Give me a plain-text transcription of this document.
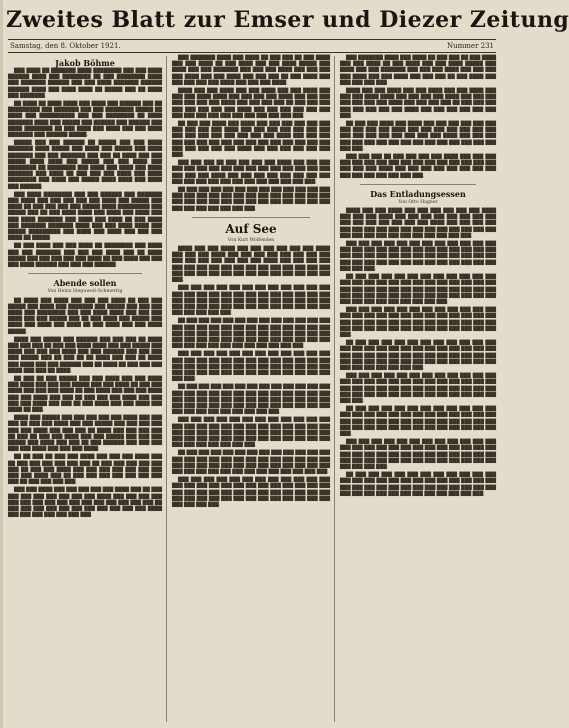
Zweites Blatt zur Emser und Diezer Zeitung
Samstag, den 8. Oktober 1921.	Nummer 231
Jakob Böhme

███ ████ ██ ███████ ████ ████████ ███ ███ ████ ██████ ████ ███ ████████ ██ ███ ████████ ████ ███ ███████ ██████ ███ ███ ████ ███████ ██████ ██████ ████ ███ ████ ████ ██ █████ ███ ██ ████ ███ ███████.

██ ████ ██ ████ ████ ███ ████ ███ ██████ ███ ██ █████████ ███ ███████ ███ ███ ████████ █████ ██ ████ ███ ██████████ ███ ███ ████████ ██ ████ ███████ ████ ███ █████ ███ ██████ ███ ██████ ███ ████ ████████ ██ ███ ████ ███ ████ ███ ███ ████ ███████ ███ ██████ █████.

█████ ███ ███ ██████ ██ █████ ███ ███ ████ ███████ ████ █████ ███ ████ ███ █████ ███ ████ ███████ ███ ███ ███████ ███ ███ ██ ████ ███ ███ █████ ████ ████ ███ █████ ███ ███ ████ ███ ████████ ██ ████████ ███ ████ ███ ████ ███ ████ ███████ ███ ████ ██ ███ ███ ███ ████ ███ ████ ████████ ███ ████ ███ █████ ████ ████ ███ ████ ███ ██████.

███ ████ ████████ ███ ███ ██████ ███ ███████ ███ ████ ███ ███ ███ ███ ███ ████ ███ █████ ███ ████ ██ ███ ███ ███ ███ █████ ████ █████████ ███ █████ ███ ██ ███ ████ ████ ███ ████ ███ ████ ███ ███ ████ ███████ ███ ████ ███ ████ ██ ███ ████ ███ ███████ ███████ ████ ███ ███ ████ ████ ███ █████ █████████ ███ ████ ███ ████ ███ ███ ███ ████ ██ █████.

██ ███ ████ ███ ███ ████ ██ ████████ ███ ████ ███ ███ ███████ ███ ███ ███ ████ ███ ██ ████ █████ ███ ███ ███ ███ ███ ████ ██ ███ ████ ███ ███ ███ ████ ██████ ███ ███ ███ ██████.

Abende sollen
Von Heinz Steguweit-Schmerrig

██ ████ ███ ████ ███ ███ ███ ████ ██ ███ ███ █████ ███ ████ ███ ███████ ███ █████ ███ ███ ███ ████ ███ ████████ ███ ███ ████ ████ ███ ███ ███ ████ ███ ███ █████ ███ ██ ███ ████ ███ █████ ███ ████ ███ ████ ███ ████ ██ ███ ████ ███ ███ ████ █████.

████ ███ █████ ███ ██████ ███ ███ ███ ██ ████ ███ ███ ███ ██ ███ ███ ████ ████ ███ ███ █████ ███ ████ ███ ███ ███ ████ ███ ███ ██████ ███ ███ ███ ███ █████ ███ ██ ███ ██ ██ ████ ███ ███ ██ ████ ███ ████ ███ ███ ██████ ███ ██ ████ ██ ███ ███ ███ ████ ███ ███ ██ ████.

██ ███ ██ ███ █████ ███ ███ ████ ███ ███ ████ ███ ████ ███ ███ ███ █████ ███ ███ ████ ██ ███ ███ ████ ███ ███ ███ ████ ██ ███ ████ ███ ███ ███ ████ ███ ███ ████ ███ ███ ██ ███ ███ ███ ████ ███ ███ ███ ███ ████ ███ ███ ██ ███ ████ ███ ███ ████ ███ ████ ██ ███.

████ ███ █████ ███ ███ ███ ███ ███ ████ ███ ███ ███ ██ ███ ███ ████ ███ ███ █████ ███ ███ ███ ███ ███ ███ ████ ███ ███ ███ ██ ████ ███ ███ ███ ███ ██ ███ ██ ███ ███ ████ ███ ███ █████ ███ ███ ███ █████ ███ ████ ███ ███ ██ ███ ██████ ███ ███ ███ ███ ███ ████ ███ ███ ███ ████.

██ ██ ███ ██ ███ ███ ████ ███ ███ ███ ████ ███ ██ ███ ███ ███ ███ ███ ███ ██ ███ ███ ███ ███ ███ ███ ██ ███ ███ ████ ███ ███ ███ ███ ███ ███ ███ ███ ███ ████ ███ ██ ███ ███ ███ ███ ███ ███ ███ ███ ██ ███ ███ ███ ███.

███ ███ ████ ███ ███ ███ ███ ███ ████ ███ ██ ███ ███ ███ ███ ███ ███ ███ ███ ████ ███ ███ ███ ███ ███ ███ ███ ███ ███ ███ ███ ███ ███ ███ ███ ███ ██ ███ ███ ███ ███ ███ ███ ███ ███ ███ ███ ███ ████ ███ ███ ███ ███ ███ ███ ███.

███ ███████ ████ ███ ████ ██ ███ ███ ██ ███ ████ ███ ███ ████ ██ ███ ████ ███ ███ ████ █████ ███ ████ ███ ███ ███████ ███ ███ ███ ████ ███ ███ ███ ███ ████ ███ ███ ████ ███ ███ ███ ██ ███ ████ ███ ███ ███ ███ ███ ████ ███ ███ ███ ████.

████ ███ ███ ████ ███ ███ ████ ███ ███ ████ ███ ███ ███ ████ ████ ███ ███ ███ ███ ████ ███ ███ ███ ███ ███ ███ ███ ████ ███ ███ ███ ███ ██ ███ ███ ███ ███ ███ ███ ███ ███ ████ ███ ███ ███ ███ ███ ███ ███ ███ ███ ███ ███ ███ ███ ███ ███ ███ ███.

██ ███ ███ ████ ███ ████ ███ ███ ███ ███ ███ ███ ███ ███ ███ ███ ████ ███ ███ ███ ███ ███ ███ ███ ███ ███ ███ ███ ███ ███ ███ ███ ████ ███ ███ ███ ███ ███ ███ ███ ███ ███ ███ ███ ███ ███ ███ ███ ███ ███ ███ ███ ███ ███ ████ ███ ███ ███ ███ ███ ███ ███.

███ ███ ███ ██ ███ ███ ███ ███ ████ ███ ███ ███ ███ ███ ███ ███ ███ ███ ███ ███ ███ ███ ███ ███ ███ ███ ███ ███ ████ ███ ███ ███ ███ ███ ███ ███ ███ ███ ███ ███ ███ ███ ███ ███ ███ ███ ███ ███ ███.

██ ███ ███ ███ ███ ███ ███ ███ ███ ███ ███ ███ ███ ███ ███ ███ ███ ███ ███ ███ ███ ███ ███ ███ ███ ███ ███ ███ ███ ███ ███ ███ ███ ███ ███ ███ ███ ███ ███ ███ ███ ███ ███ ███ ███ ███.

Auf See
Von Kurt Wolfenden

████ ███ ███ ████ ███ ███ ███ ███ ███ ███ ████ ███ ███ ███ ████ ███ ███ ███ ███ ███ ███ ███ ███ ███ ███ ███ ███ ███ ███ ███ ████ ███ ███ ███ ███ ███ ███ ███ ███ ███ ███ ███ ███ ███ ███ ███ ███ ███ ███ ███ ███ ███ ███ ███ ███ ███ ███ ███ ███ ███ ███ ███.

███ ███ ███ ███ ███ ███ ███ ███ ███ ███ ███ ███ ███ ███ ███ ███ ███ ███ ███ ███ ███ ███ ███ ███ ███ ███ ███ ███ ███ ███ ███ ███ ███ ███ ███ ███ ███ ███ ███ ███ ███ ███ ███ ███ ███ ███ ███ ███ ███ ███ ███ ███ ███ ███ ███ ███.

██ ███ ███ ███ ███ ███ ███ ███ ███ ███ ███ ███ ███ ███ ███ ███ ███ ███ ███ ███ ███ ███ ███ ███ ███ ███ ███ ███ ███ ███ ███ ███ ███ ███ ███ ███ ███ ███ ███ ███ ███ ███ ███ ███ ███ ███ ███ ███ ███ ███ ███ ███ ███ ███ ███ ███ ███ ███ ███ ███ ███ ███ ███.

███ ███ ███ ███ ███ ███ ███ ███ ███ ███ ███ ███ ███ ███ ███ ███ ███ ███ ███ ███ ███ ███ ███ ███ ███ ███ ███ ███ ███ ███ ███ ███ ███ ███ ███ ███ ███ ███ ███ ███ ███ ███ ███ ███ ███ ███ ███ ███ ███ ███ ███ ███ ███.

██ ███ ███ ███ ███ ███ ███ ███ ███ ███ ███ ███ ███ ███ ███ ███ ███ ███ ███ ███ ███ ███ ███ ███ ███ ███ ███ ███ ███ ███ ███ ███ ███ ███ ███ ███ ███ ███ ███ ███ ███ ███ ███ ███ ███ ███ ███ ███ ███ ███ ███ ███ ███ ███ ███ ███ ███ ███ ███ ███ ███.

███ ███ ███ ███ ███ ███ ███ ███ ███ ███ ███ ███ ███ ███ ███ ███ ███ ███ ███ ███ ███ ███ ███ ███ ███ ███ ███ ███ ███ ███ ███ ███ ███ ███ ███ ███ ███ ███ ███ ███ ███ ███ ███ ███ ███ ███ ███ ███ ███ ███ ███ ███ ███ ███ ███ ███ ███ ███.

██ ███ ███ ███ ███ ███ ███ ███ ███ ███ ███ ███ ███ ███ ███ ███ ███ ███ ███ ███ ███ ███ ███ ███ ███ ███ ███ ███ ███ ███ ███ ███ ███ ███ ███ ███ ███ ███ ███ ███ ███ ███ ███ ███ ███ ███ ███ ███ ███ ███ ███ ███.

███ ███ ███ ███ ███ ███ ███ ███ ███ ███ ███ ███ ███ ███ ███ ███ ███ ███ ███ ███ ███ ███ ███ ███ ███ ███ ███ ███ ███ ███ ███ ███ ███ ███ ███ ███ ███ ███ ███ ███ ███ ███ ███ ███ ███ ███ ███ ███ ███ ███ ███ ███ ███ ███ ███.

███ ███████ ████ ███ ████ ██ ███ ███ ██ ███ ████ ███ ███ ████ ██ ███ ████ ███ ███ ████ █████ ███ ████ ███ ███ ███████ ███ ███ ███ ████ ███ ███ ███ ███ ████ ███ ███ ████ ███ ███ ███ ██ ███ ████ ███ ███ ███ ███ ███.

████ ███ ███ ████ ███ ███ ████ ███ ███ ████ ███ ███ ███ ████ ████ ███ ███ ███ ███ ████ ███ ███ ███ ███ ███ ███ ███ ████ ███ ███ ███ ███ ██ ███ ███ ███ ███ ███ ███ ███ ███ ████ ███ ███ ███ ███ ███ ███ ███.

██ ███ ███ ████ ███ ████ ███ ███ ███ ███ ███ ███ ███ ███ ███ ███ ████ ███ ███ ███ ███ ███ ███ ███ ███ ███ ███ ███ ███ ███ ███ ███ ████ ███ ███ ███ ███ ███ ███ ███ ███ ███ ███ ███ ███ ███ ███ ███ ███ ███ ███.

███ ███ ███ ██ ███ ███ ███ ███ ████ ███ ███ ███ ███ ███ ███ ███ ███ ███ ███ ███ ███ ███ ███ ███ ███ ███ ███ ███ ████ ███ ███ ███ ███ ███ ███ ███ ███ ███ ███ ███ ███ ███ ███ ███.

Das Entladungsessen
Von Otto Hagner

████ ███ ███ ████ ███ ███ ███ ███ ███ ███ ████ ███ ███ ███ ████ ███ ███ ███ ███ ███ ███ ███ ███ ███ ███ ███ ███ ███ ███ ███ ████ ███ ███ ███ ███ ███ ███ ███ ███ ███ ███ ███ ███ ███ ███ ███ ███ ███ ███ ███ ███ ███ ███ ███ ███ ███ ███ ███ ███.

███ ███ ███ ███ ███ ███ ███ ███ ███ ███ ███ ███ ███ ███ ███ ███ ███ ███ ███ ███ ███ ███ ███ ███ ███ ███ ███ ███ ███ ███ ███ ███ ███ ███ ███ ███ ███ ███ ███ ███ ███ ███ ███ ███ ███ ███ ███ ███ ███ ███ ███ ███ ███ ███.

██ ███ ███ ███ ███ ███ ███ ███ ███ ███ ███ ███ ███ ███ ███ ███ ███ ███ ███ ███ ███ ███ ███ ███ ███ ███ ███ ███ ███ ███ ███ ███ ███ ███ ███ ███ ███ ███ ███ ███ ███ ███ ███ ███ ███ ███ ███ ███ ███ ███ ███ ███ ███ ███ ███ ███ ███ ███ ███ ███.

███ ███ ███ ███ ███ ███ ███ ███ ███ ███ ███ ███ ███ ███ ███ ███ ███ ███ ███ ███ ███ ███ ███ ███ ███ ███ ███ ███ ███ ███ ███ ███ ███ ███ ███ ███ ███ ███ ███ ███ ███ ███ ███ ███ ███ ███ ███ ███ ███ ███ ███ ███.

██ ███ ███ ███ ███ ███ ███ ███ ███ ███ ███ ███ ███ ███ ███ ███ ███ ███ ███ ███ ███ ███ ███ ███ ███ ███ ███ ███ ███ ███ ███ ███ ███ ███ ███ ███ ███ ███ ███ ███ ███ ███ ███ ███ ███ ███ ███ ███ ███ ███ ███ ███ ███ ███ ███ ███ ███ ███.

███ ███ ███ ███ ███ ███ ███ ███ ███ ███ ███ ███ ███ ███ ███ ███ ███ ███ ███ ███ ███ ███ ███ ███ ███ ███ ███ ███ ███ ███ ███ ███ ███ ███ ███ ███ ███ ███ ███ ███ ███ ███ ███ ███ ███ ███ ███ ███ ███ ███ ███ ███ ███.

██ ███ ███ ███ ███ ███ ███ ███ ███ ███ ███ ███ ███ ███ ███ ███ ███ ███ ███ ███ ███ ███ ███ ███ ███ ███ ███ ███ ███ ███ ███ ███ ███ ███ ███ ███ ███ ███ ███ ███ ███ ███ ███ ███ ███ ███ ███ ███ ███ ███ ███ ███.

███ ███ ███ ███ ███ ███ ███ ███ ███ ███ ███ ███ ███ ███ ███ ███ ███ ███ ███ ███ ███ ███ ███ ███ ███ ███ ███ ███ ███ ███ ███ ███ ███ ███ ███ ███ ███ ███ ███ ███ ███ ███ ███ ███ ███ ███ ███ ███ ███ ███ ███ ███ ███ ███ ███.

██ ███ ███ ███ ███ ███ ███ ███ ███ ███ ███ ███ ███ ███ ███ ███ ███ ███ ███ ███ ███ ███ ███ ███ ███ ███ ███ ███ ███ ███ ███ ███ ███ ███ ███ ███ ███ ███ ███ ███ ███ ███ ███ ███ ███ ███ ███ ███ ███ ███.
